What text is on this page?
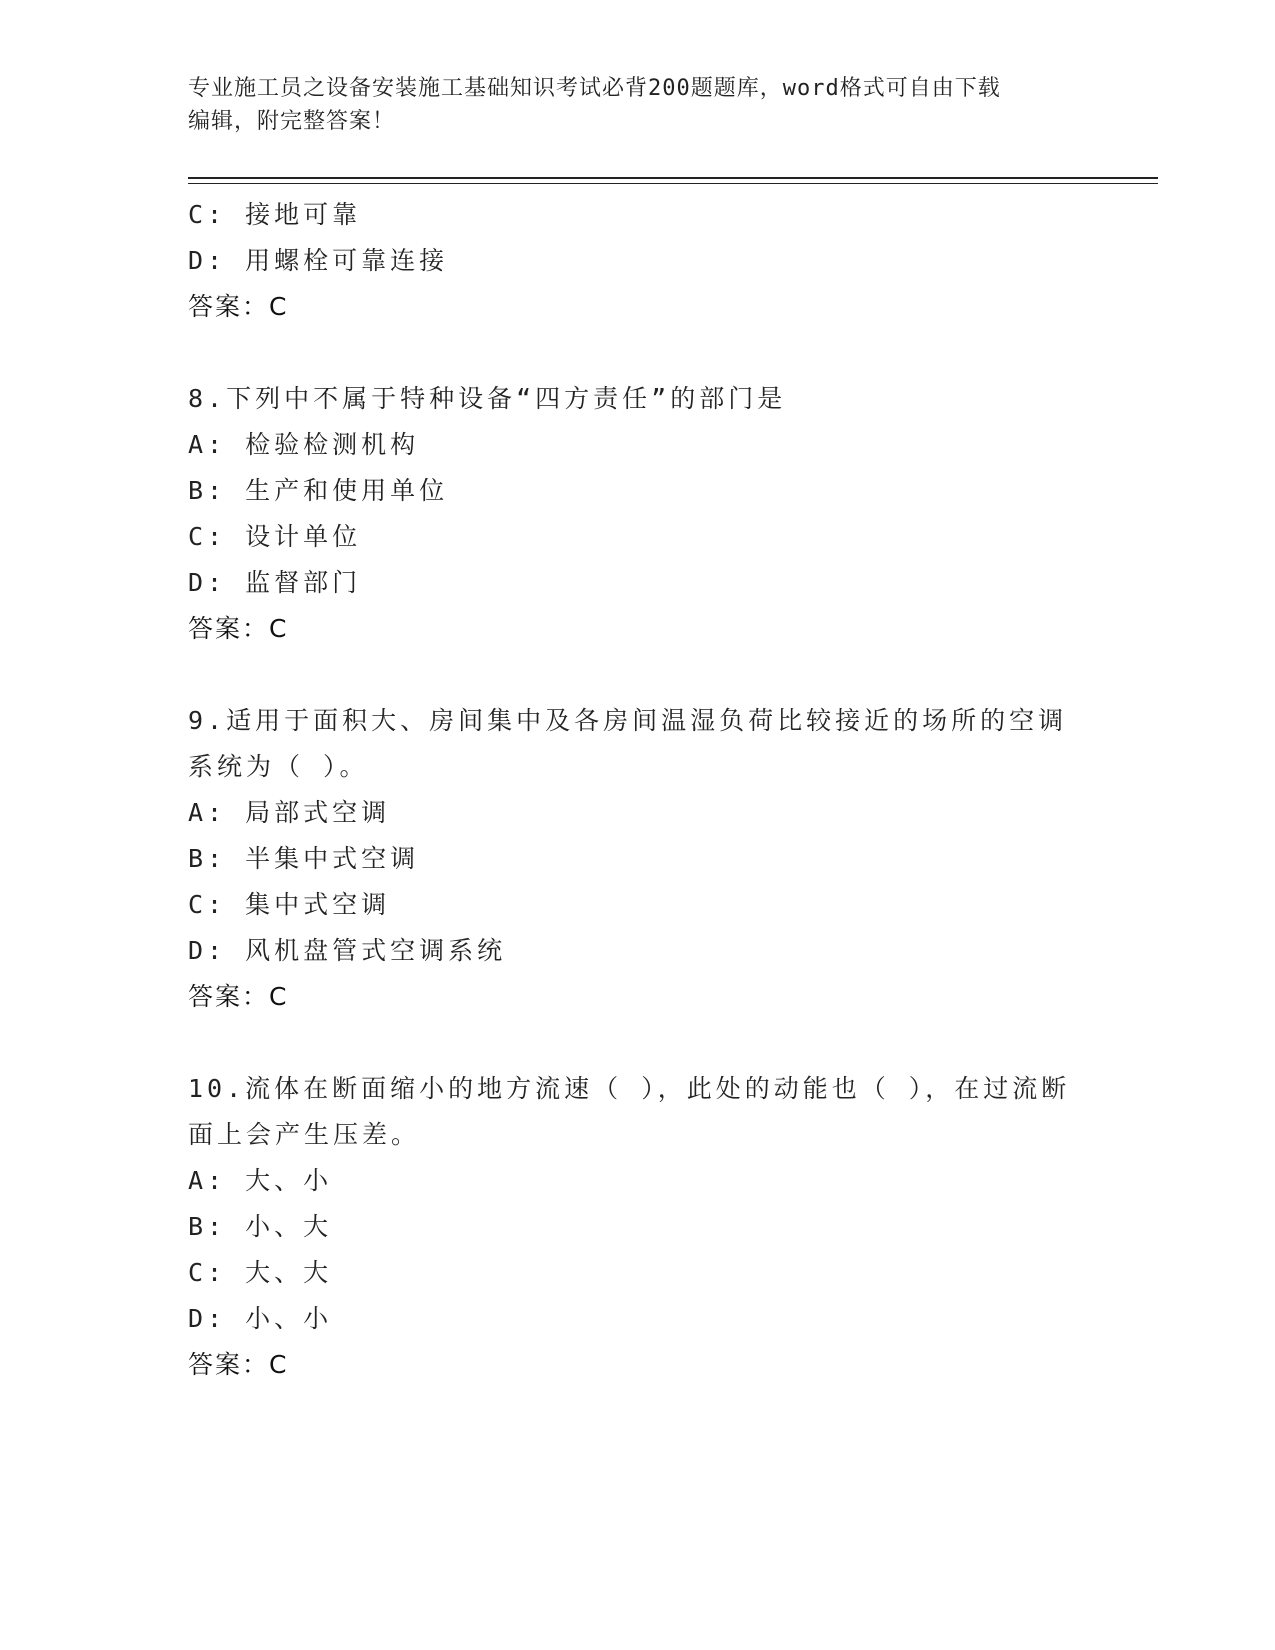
专业施工员之设备安装施工基础知识考试必背200题题库，word格式可自由下载
编辑，附完整答案！
C: 接地可靠
D: 用螺栓可靠连接
答案：C
8.下列中不属于特种设备“四方责任”的部门是
A: 检验检测机构
B: 生产和使用单位
C: 设计单位
D: 监督部门
答案：C
9.适用于面积大、房间集中及各房间温湿负荷比较接近的场所的空调
系统为（ ）。
A: 局部式空调
B: 半集中式空调
C: 集中式空调
D: 风机盘管式空调系统
答案：C
10.流体在断面缩小的地方流速（ ），此处的动能也（ ），在过流断
面上会产生压差。
A: 大、小
B: 小、大
C: 大、大
D: 小、小
答案：C
